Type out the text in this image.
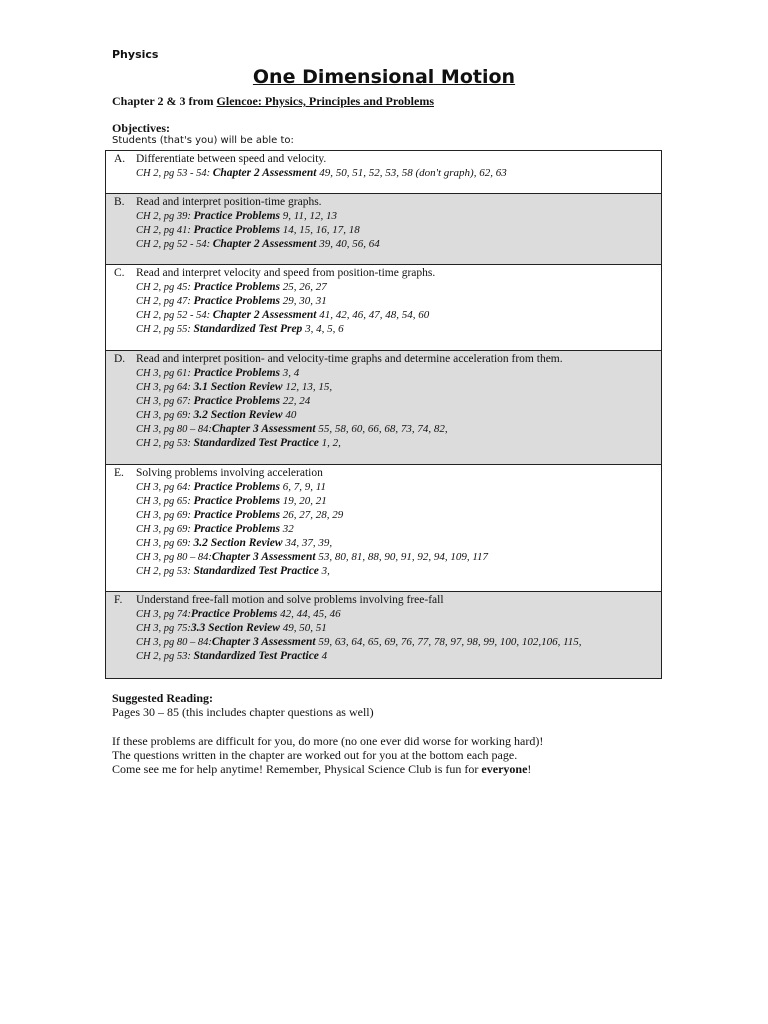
Physics
One Dimensional Motion
Chapter 2 & 3 from Glencoe: Physics, Principles and Problems
Objectives:
Students (that's you) will be able to:
A. Differentiate between speed and velocity.
CH 2, pg 53 - 54: Chapter 2 Assessment 49, 50, 51, 52, 53, 58 (don't graph), 62, 63
B. Read and interpret position-time graphs.
CH 2, pg 39: Practice Problems 9, 11, 12, 13
CH 2, pg 41: Practice Problems 14, 15, 16, 17, 18
CH 2, pg 52 - 54: Chapter 2 Assessment 39, 40, 56, 64
C. Read and interpret velocity and speed from position-time graphs.
CH 2, pg 45: Practice Problems 25, 26, 27
CH 2, pg 47: Practice Problems 29, 30, 31
CH 2, pg 52 - 54: Chapter 2 Assessment 41, 42, 46, 47, 48, 54, 60
CH 2, pg 55: Standardized Test Prep 3, 4, 5, 6
D. Read and interpret position- and velocity-time graphs and determine acceleration from them.
CH 3, pg 61: Practice Problems 3, 4
CH 3, pg 64: 3.1 Section Review 12, 13, 15,
CH 3, pg 67: Practice Problems 22, 24
CH 3, pg 69: 3.2 Section Review 40
CH 3, pg 80 – 84:Chapter 3 Assessment 55, 58, 60, 66, 68, 73, 74, 82,
CH 2, pg 53: Standardized Test Practice 1, 2,
E. Solving problems involving acceleration
CH 3, pg 64: Practice Problems 6, 7, 9, 11
CH 3, pg 65: Practice Problems 19, 20, 21
CH 3, pg 69: Practice Problems 26, 27, 28, 29
CH 3, pg 69: Practice Problems 32
CH 3, pg 69: 3.2 Section Review 34, 37, 39,
CH 3, pg 80 – 84:Chapter 3 Assessment 53, 80, 81, 88, 90, 91, 92, 94, 109, 117
CH 2, pg 53: Standardized Test Practice 3,
F. Understand free-fall motion and solve problems involving free-fall
CH 3, pg 74:Practice Problems 42, 44, 45, 46
CH 3, pg 75:3.3 Section Review 49, 50, 51
CH 3, pg 80 – 84:Chapter 3 Assessment 59, 63, 64, 65, 69, 76, 77, 78, 97, 98, 99, 100, 102,106, 115,
CH 2, pg 53: Standardized Test Practice 4
Suggested Reading:
Pages 30 – 85 (this includes chapter questions as well)
If these problems are difficult for you, do more (no one ever did worse for working hard)!
The questions written in the chapter are worked out for you at the bottom each page.
Come see me for help anytime! Remember, Physical Science Club is fun for everyone!
